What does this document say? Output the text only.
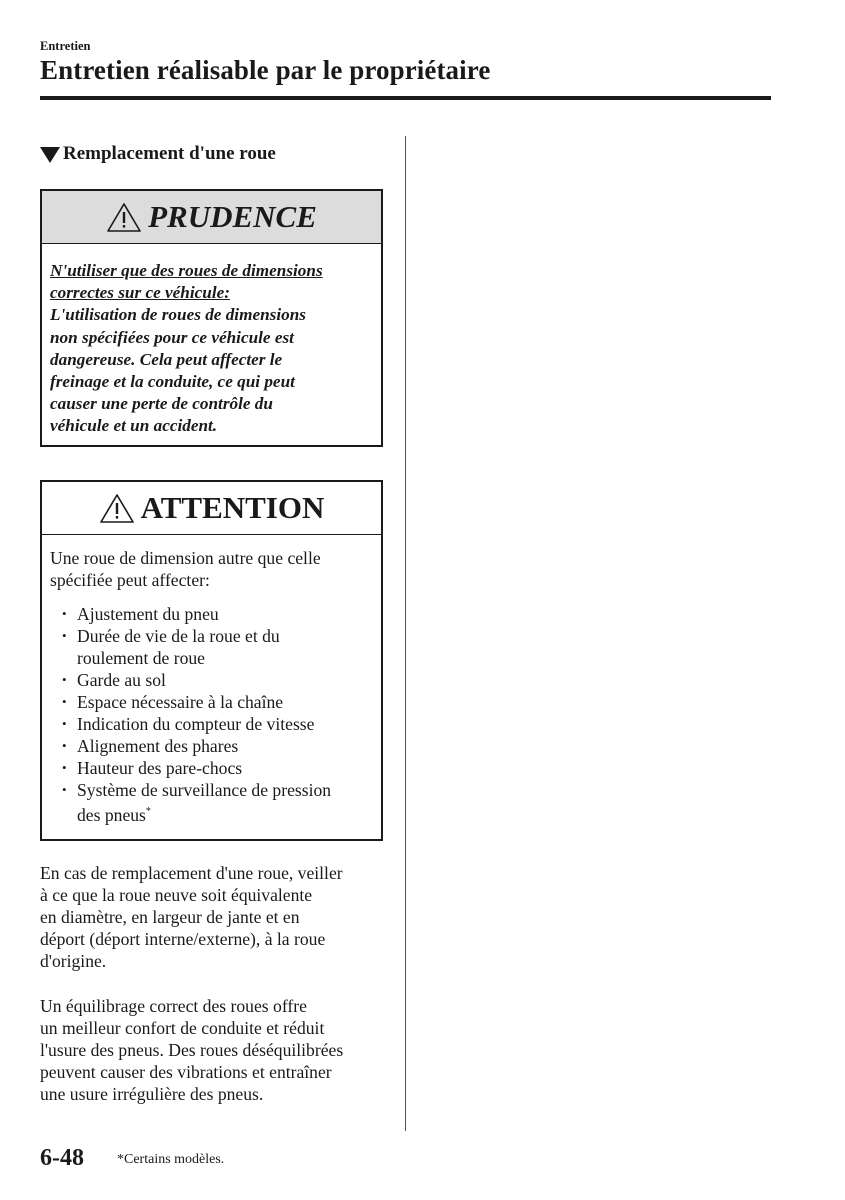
Entretien
Entretien réalisable par le propriétaire
Remplacement d'une roue
PRUDENCE
N'utiliser que des roues de dimensions
correctes sur ce véhicule:
L'utilisation de roues de dimensions
non spécifiées pour ce véhicule est
dangereuse. Cela peut affecter le
freinage et la conduite, ce qui peut
causer une perte de contrôle du
véhicule et un accident.
ATTENTION

Une roue de dimension autre que celle
spécifiée peut affecter:

• Ajustement du pneu
• Durée de vie de la roue et du
roulement de roue
• Garde au sol
• Espace nécessaire à la chaîne
• Indication du compteur de vitesse
• Alignement des phares
• Hauteur des pare-chocs
• Système de surveillance de pression
des pneus*
En cas de remplacement d'une roue, veiller
à ce que la roue neuve soit équivalente
en diamètre, en largeur de jante et en
déport (déport interne/externe), à la roue
d'origine.
Un équilibrage correct des roues offre
un meilleur confort de conduite et réduit
l'usure des pneus. Des roues déséquilibrées
peuvent causer des vibrations et entraîner
une usure irrégulière des pneus.
6-48 *Certains modèles.
